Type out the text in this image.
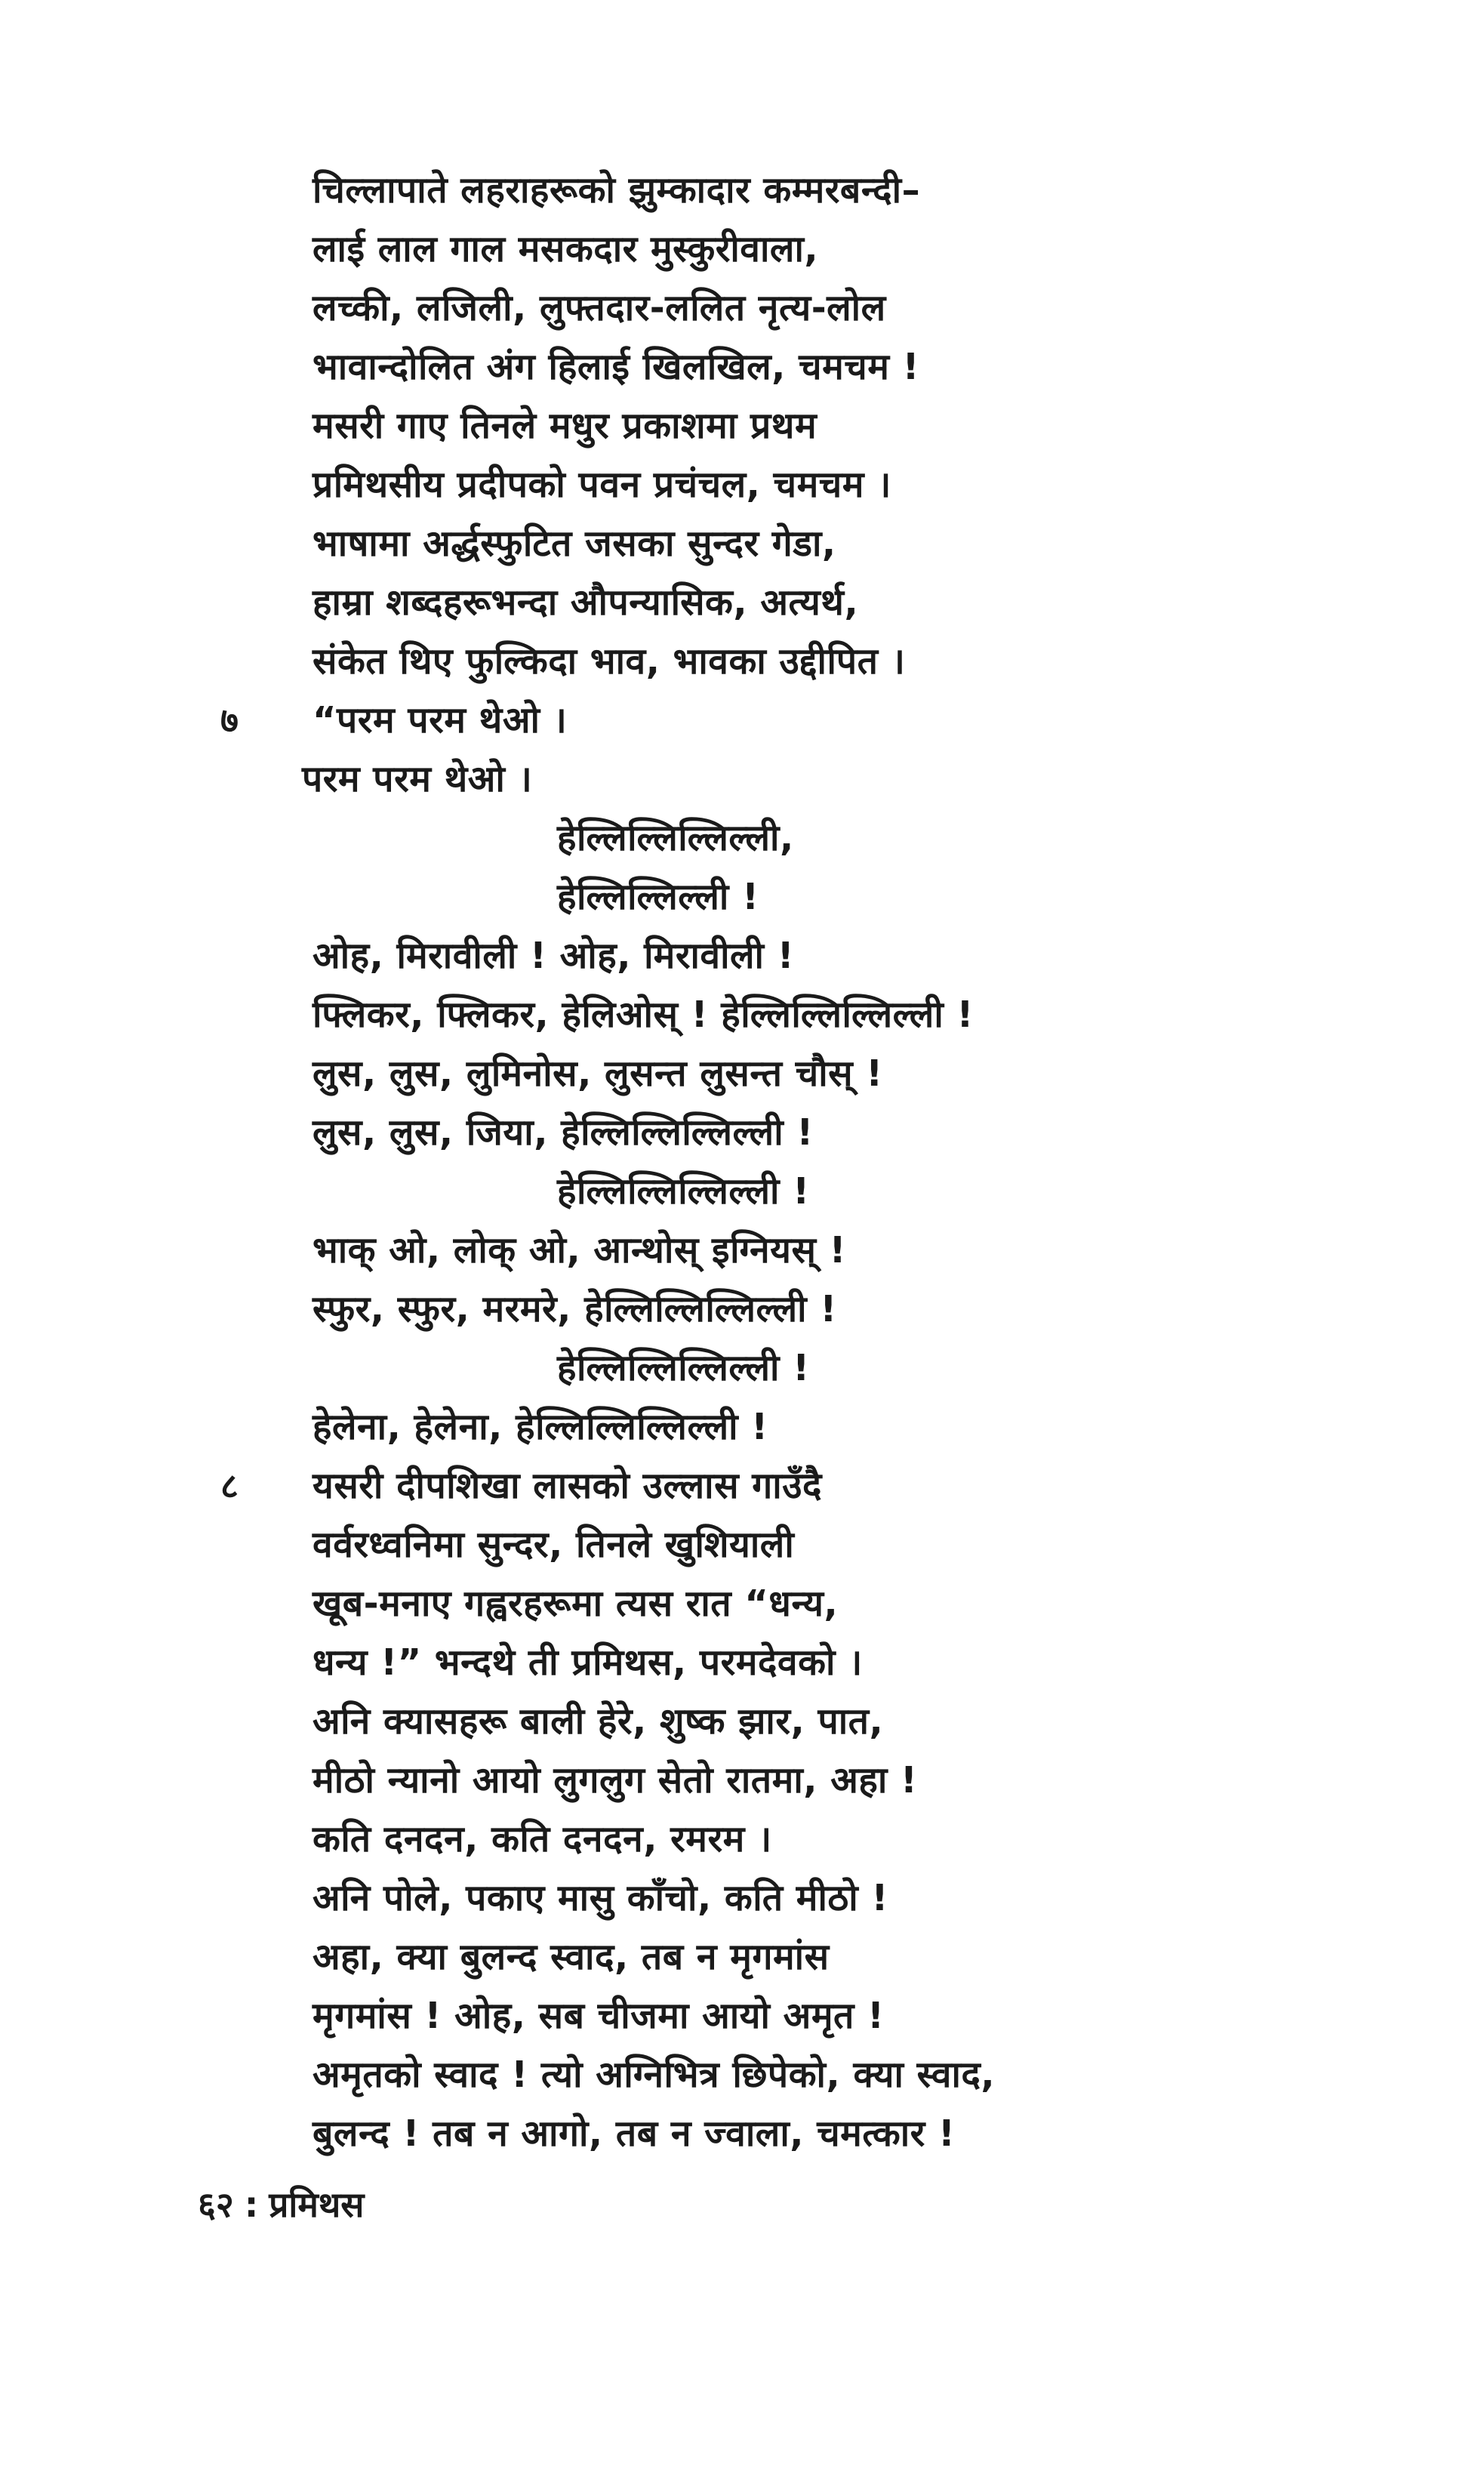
चिल्लापाते लहराहरूको झुम्कादार कम्मरबन्दी–
लाई लाल गाल मसकदार मुस्कुरीवाला,
लच्की, लजिली, लुफ्तदार-ललित नृत्य-लोल
भावान्दोलित अंग हिलाई खिलखिल, चमचम !
मसरी गाए तिनले मधुर प्रकाशमा प्रथम
प्रमिथसीय प्रदीपको पवन प्रचंचल, चमचम ।
भाषामा अर्द्धस्फुटित जसका सुन्दर गेडा,
हाम्रा शब्दहरूभन्दा औपन्यासिक, अत्यर्थ,
संकेत थिए फुल्किदा भाव, भावका उद्दीपित ।
७ “परम परम थेओ ।
परम परम थेओ ।
हेल्लिल्लिल्लिल्ली,
हेल्लिल्लिल्ली !
ओह, मिरावीली ! ओह, मिरावीली !
फ्लिकर, फ्लिकर, हेलिओस् ! हेल्लिल्लिल्लिल्ली !
लुस, लुस, लुमिनोस, लुसन्त लुसन्त चौस् !
लुस, लुस, जिया, हेल्लिल्लिल्लिल्ली !
हेल्लिल्लिल्लिल्ली !
भाक् ओ, लोक् ओ, आन्थोस् इग्नियस् !
स्फुर, स्फुर, मरमरे, हेल्लिल्लिल्लिल्ली !
हेल्लिल्लिल्लिल्ली !
हेलेना, हेलेना, हेल्लिल्लिल्लिल्ली !
८ यसरी दीपशिखा लासको उल्लास गाउँदै
वर्वरध्वनिमा सुन्दर, तिनले खुशियाली
खूब-मनाए गह्वरहरूमा त्यस रात “धन्य,
धन्य !” भन्दथे ती प्रमिथस, परमदेवको ।
अनि क्यासहरू बाली हेरे, शुष्क झार, पात,
मीठो न्यानो आयो लुगलुग सेतो रातमा, अहा !
कति दनदन, कति दनदन, रमरम ।
अनि पोले, पकाए मासु काँचो, कति मीठो !
अहा, क्या बुलन्द स्वाद, तब न मृगमांस
मृगमांस ! ओह, सब चीजमा आयो अमृत !
अमृतको स्वाद ! त्यो अग्निभित्र छिपेको, क्या स्वाद,
बुलन्द ! तब न आगो, तब न ज्वाला, चमत्कार !
६२ : प्रमिथस
